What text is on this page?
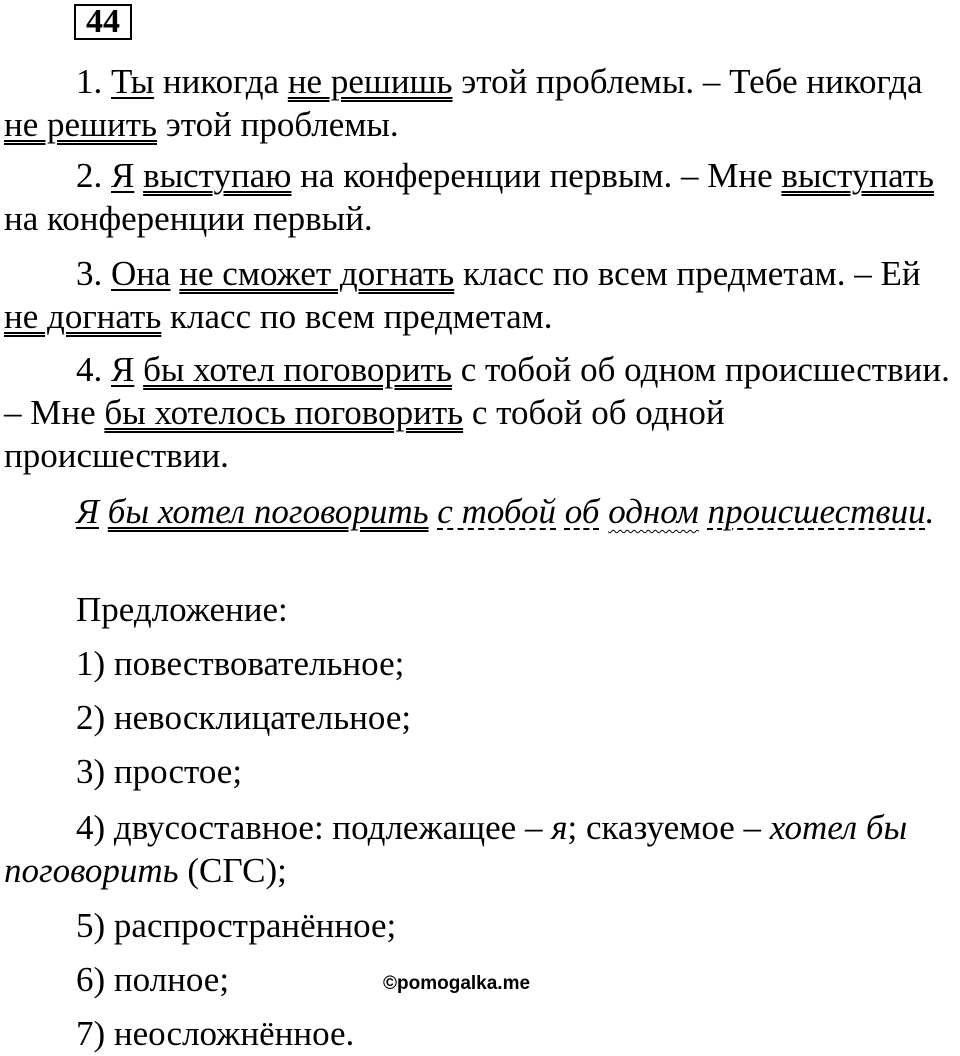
44
1. Ты никогда не решишь этой проблемы. – Тебе никогда не решить этой проблемы.
2. Я выступаю на конференции первым. – Мне выступать на конференции первый.
3. Она не сможет догнать класс по всем предметам. – Ей не догнать класс по всем предметам.
4. Я бы хотел поговорить с тобой об одном происшествии. – Мне бы хотелось поговорить с тобой об одной происшествии.
Я бы хотел поговорить с тобой об одном происшествии.
Предложение:
1) повествовательное;
2) невосклицательное;
3) простое;
4) двусоставное: подлежащее – я; сказуемое – хотел бы поговорить (СГС);
5) распространённое;
6) полное;
7) неосложнённое.
©pomogalka.me
